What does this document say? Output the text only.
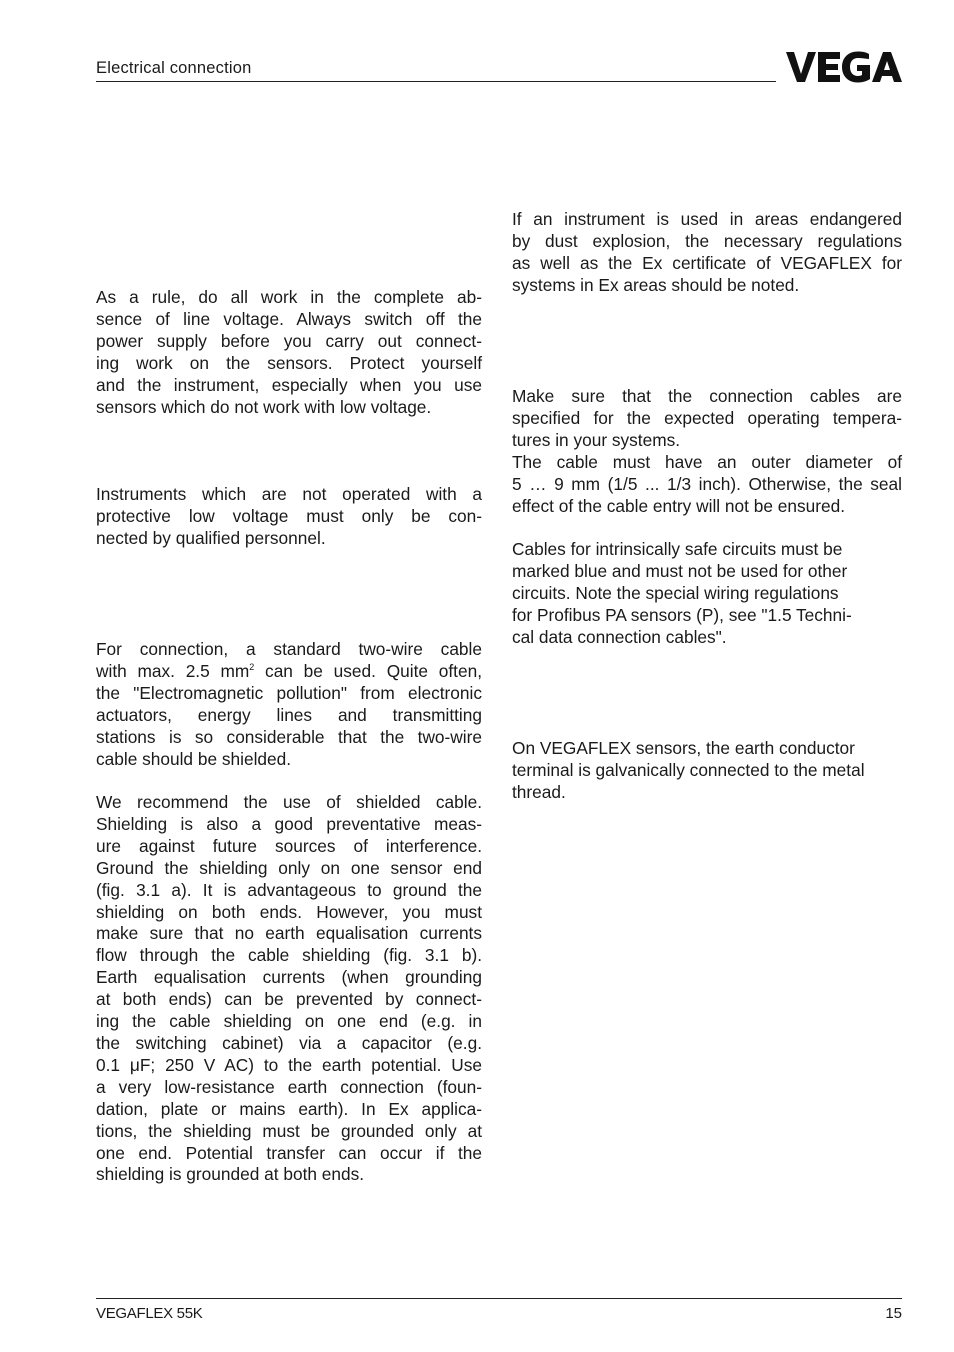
Electrical connection

As a rule, do all work in the complete ab-
sence of line voltage. Always switch off the
power supply before you carry out connect-
ing work on the sensors. Protect yourself
and the instrument, especially when you use
sensors which do not work with low voltage.

Instruments which are not operated with a
protective low voltage must only be con-
nected by qualified personnel.

For connection, a standard two-wire cable
with max. 2.5 $mm^2$ can be used. Quite often,
the "Electromagnetic pollution" from electronic
actuators, energy lines and transmitting
stations is so considerable that the two-wire
cable should be shielded.

We recommend the use of shielded cable.
Shielding is also a good preventative meas-
ure against future sources of interference.
Ground the shielding only on one sensor end
(fig. 3.1 a). It is advantageous to ground the
shielding on both ends. However, you must
make sure that no earth equalisation currents
flow through the cable shielding (fig. 3.1 b).
Earth equalisation currents (when grounding
at both ends) can be prevented by connect-
ing the cable shielding on one end (e.g. in
the switching cabinet) via a capacitor (e.g.
0.1 μF; 250 V AC) to the earth potential. Use
a very low-resistance earth connection (foun-
dation, plate or mains earth). In Ex applica-
tions, the shielding must be grounded only at
one end. Potential transfer can occur if the
shielding is grounded at both ends.

If an instrument is used in areas endangered
by dust explosion, the necessary regulations
as well as the Ex certificate of VEGAFLEX for
systems in Ex areas should be noted.

Make sure that the connection cables are
specified for the expected operating tempera-
tures in your systems.
The cable must have an outer diameter of
5 … 9 mm (1/5 ... 1/3 inch). Otherwise, the seal
effect of the cable entry will not be ensured.

Cables for intrinsically safe circuits must be
marked blue and must not be used for other
circuits. Note the special wiring regulations
for Profibus PA sensors (P), see "1.5 Techni-
cal data connection cables".

On VEGAFLEX sensors, the earth conductor
terminal is galvanically connected to the metal
thread.

VEGAFLEX 55K	15
